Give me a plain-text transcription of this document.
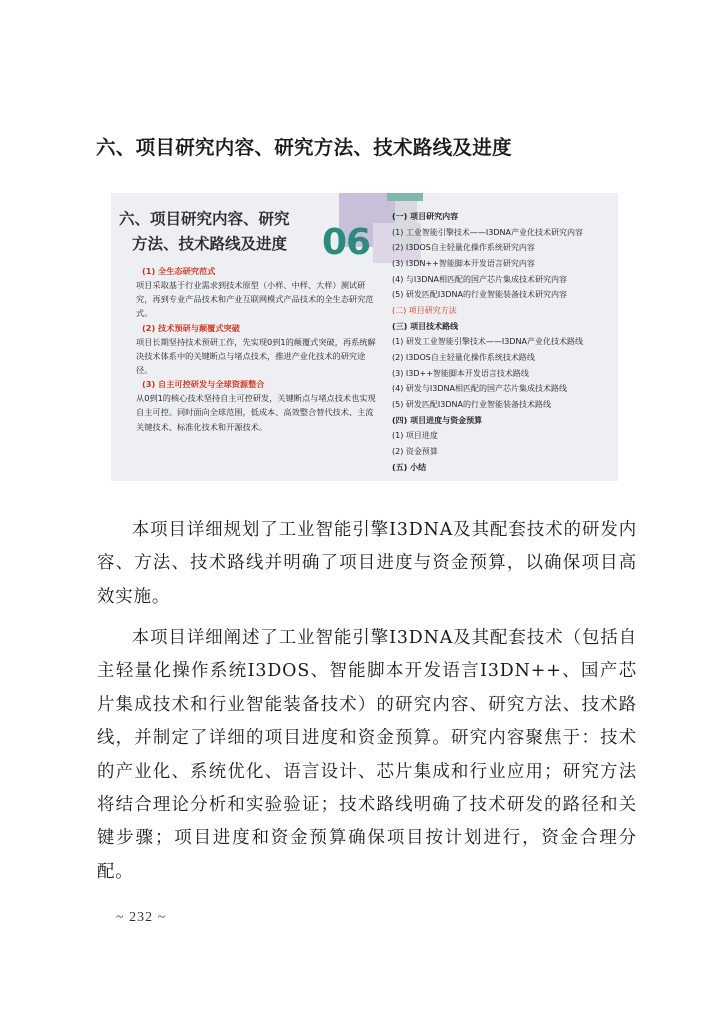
六、项目研究内容、研究方法、技术路线及进度
六、项目研究内容、研究
方法、技术路线及进度 06
(1) 全生态研究范式
项目采取基于行业需求到技术原型（小样、中样、大样）测试研究，再到专业产品技术和产业互联网模式产品技术的全生态研究范式。
(2) 技术预研与颠覆式突破
项目长期坚持技术预研工作，先实现0到1的颠覆式突破，再系统解决技术体系中的关键断点与堵点技术，推进产业化技术的研究途径。
(3) 自主可控研发与全球资源整合
从0到1的核心技术坚持自主可控研发，关键断点与堵点技术也实现自主可控。同时面向全球范围，低成本、高效整合替代技术、主流关键技术、标准化技术和开源技术。
(一) 项目研究内容
(1) 工业智能引擎技术——I3DNA产业化技术研究内容
(2) I3DOS自主轻量化操作系统研究内容
(3) I3DN++智能脚本开发语言研究内容
(4) 与I3DNA相匹配的国产芯片集成技术研究内容
(5) 研发匹配I3DNA的行业智能装备技术研究内容
(二) 项目研究方法
(三) 项目技术路线
(1) 研发工业智能引擎技术——I3DNA产业化技术路线
(2) I3DOS自主轻量化操作系统技术路线
(3) I3D++智能脚本开发语言技术路线
(4) 研发与I3DNA相匹配的国产芯片集成技术路线
(5) 研发匹配I3DNA的行业智能装备技术路线
(四) 项目进度与资金预算
(1) 项目进度
(2) 资金预算
(五) 小结

本项目详细规划了工业智能引擎I3DNA及其配套技术的研发内容、方法、技术路线并明确了项目进度与资金预算，以确保项目高效实施。

本项目详细阐述了工业智能引擎I3DNA及其配套技术（包括自主轻量化操作系统I3DOS、智能脚本开发语言I3DN++、国产芯片集成技术和行业智能装备技术）的研究内容、研究方法、技术路线，并制定了详细的项目进度和资金预算。研究内容聚焦于：技术的产业化、系统优化、语言设计、芯片集成和行业应用；研究方法将结合理论分析和实验验证；技术路线明确了技术研发的路径和关键步骤；项目进度和资金预算确保项目按计划进行，资金合理分配。

~ 232 ~
